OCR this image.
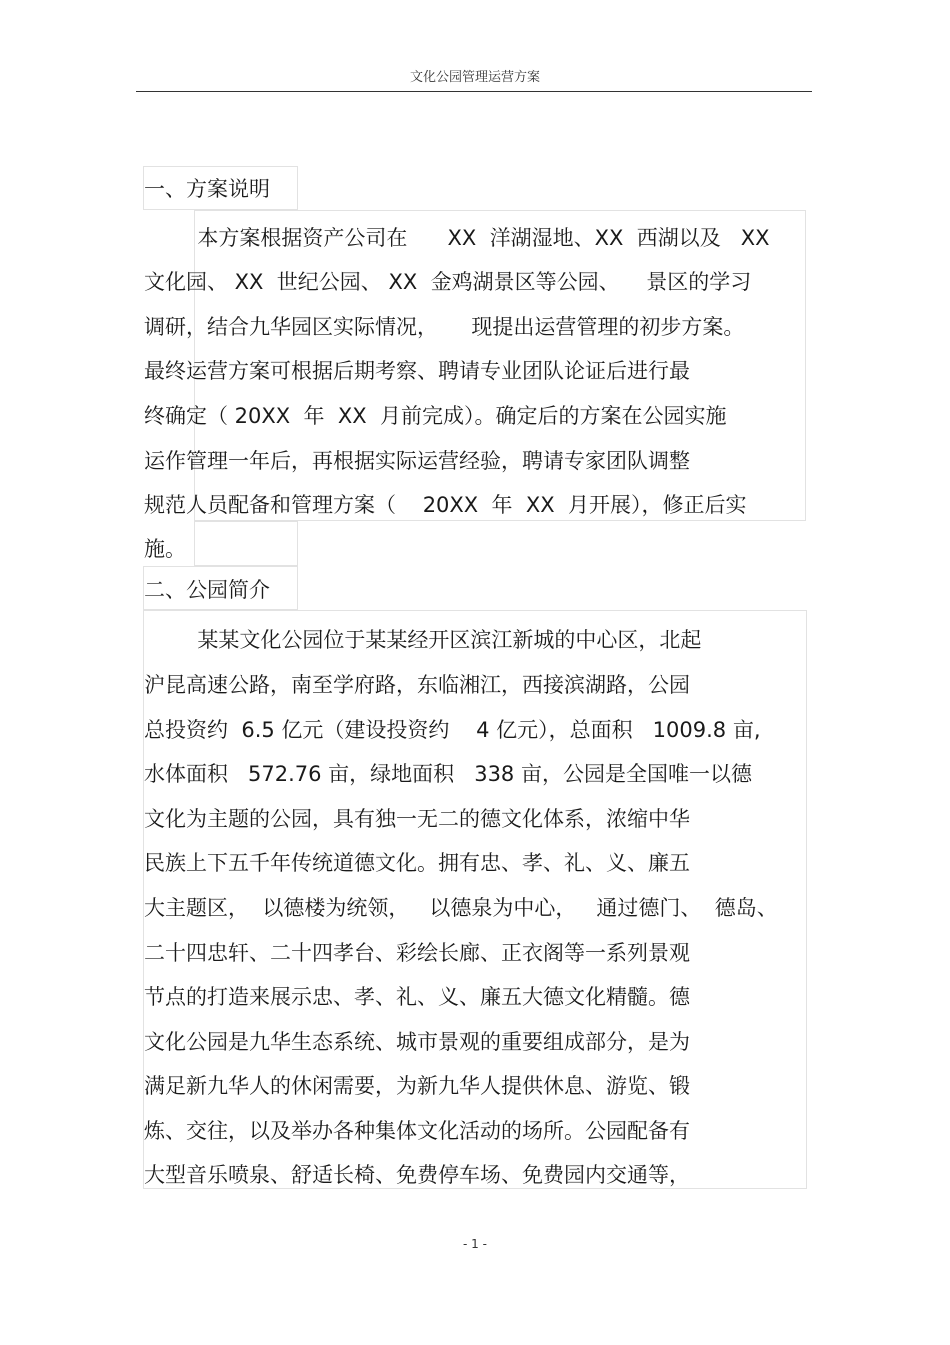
文化公园管理运营方案
一、方案说明
本方案根据资产公司在      XX  洋湖湿地、XX  西湖以及   XX
文化园、 XX  世纪公园、 XX  金鸡湖景区等公园、    景区的学习
调研，结合九华园区实际情况，     现提出运营管理的初步方案。
最终运营方案可根据后期考察、聘请专业团队论证后进行最
终确定（ 20XX  年  XX  月前完成）。确定后的方案在公园实施
运作管理一年后，再根据实际运营经验，聘请专家团队调整
规范人员配备和管理方案（    20XX  年  XX  月开展），修正后实
施。
二、公园简介
某某文化公园位于某某经开区滨江新城的中心区，北起
沪昆高速公路，南至学府路，东临湘江，西接滨湖路，公园
总投资约  6.5 亿元（建设投资约    4 亿元），总面积   1009.8 亩,
水体面积   572.76 亩，绿地面积   338 亩，公园是全国唯一以德
文化为主题的公园，具有独一无二的德文化体系，浓缩中华
民族上下五千年传统道德文化。拥有忠、孝、礼、义、廉五
大主题区，  以德楼为统领，   以德泉为中心，   通过德门、  德岛、
二十四忠轩、二十四孝台、彩绘长廊、正衣阁等一系列景观
节点的打造来展示忠、孝、礼、义、廉五大德文化精髓。德
文化公园是九华生态系统、城市景观的重要组成部分，是为
满足新九华人的休闲需要，为新九华人提供休息、游览、锻
炼、交往，以及举办各种集体文化活动的场所。公园配备有
大型音乐喷泉、舒适长椅、免费停车场、免费园内交通等，
- 1 -
